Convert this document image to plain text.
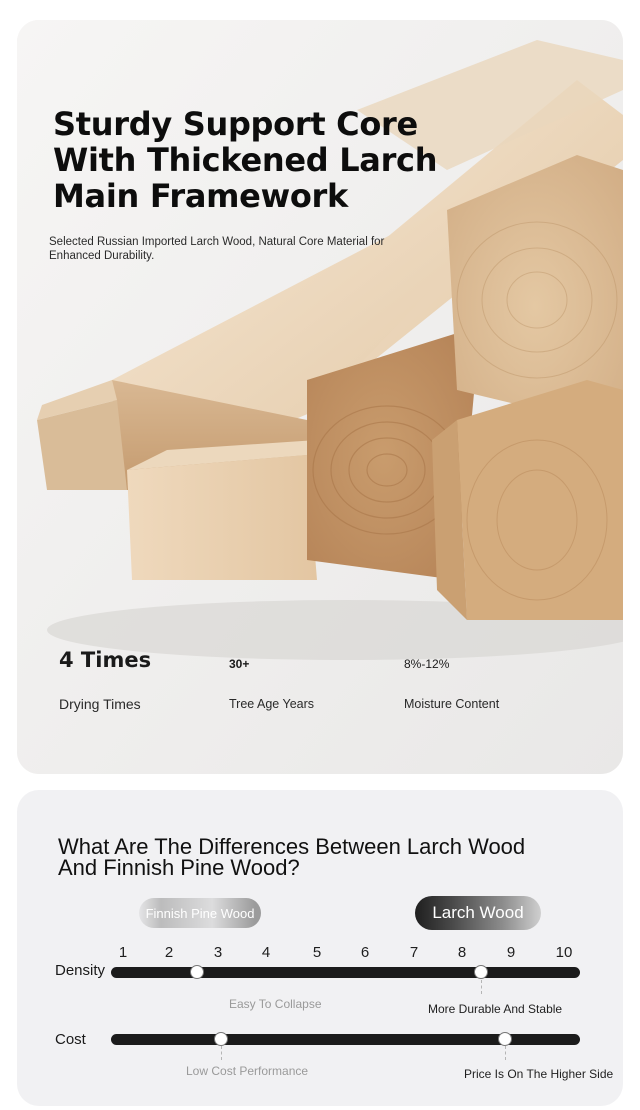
Sturdy Support Core
With Thickened Larch
Main Framework
Selected Russian Imported Larch Wood, Natural Core Material for Enhanced Durability.
4 Times
Drying Times
30+
Tree Age Years
8%-12%
Moisture Content
What Are The Differences Between Larch Wood
And Finnish Pine Wood?
Finnish Pine Wood	Larch Wood
1	2	3	4	5	6	7	8	9	10
Density
Easy To Collapse	More Durable And Stable
Cost
Low Cost Performance	Price Is On The Higher Side
